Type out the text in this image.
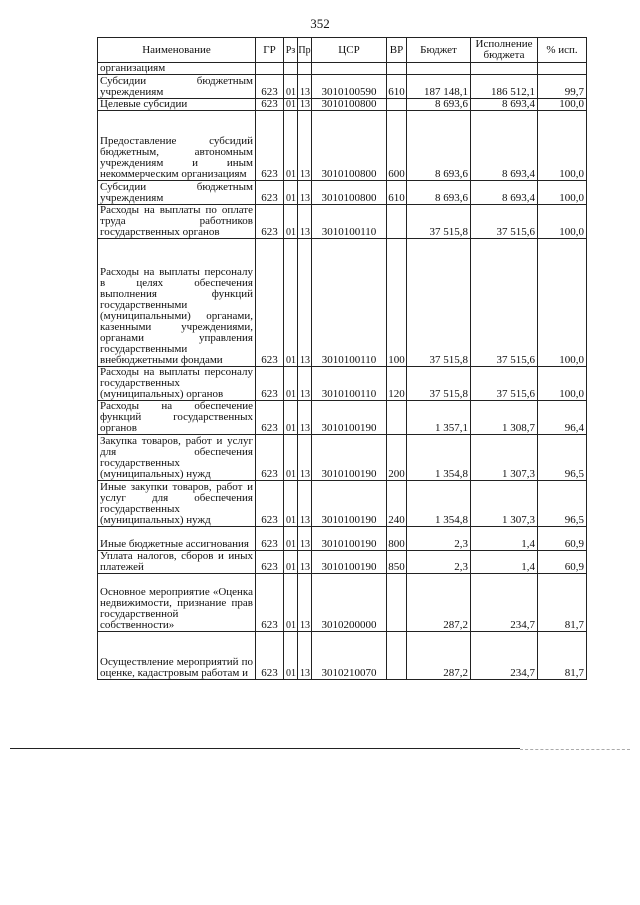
352
Наименование	ГР	Рз	Пр	ЦСР	ВР	Бюджет	Исполнение бюджета	% исп.
организациям								
Субсидии бюджетным учреждениям	623	01	13	3010100590	610	187 148,1	186 512,1	99,7
Целевые субсидии	623	01	13	3010100800		8 693,6	8 693,4	100,0
Предоставление субсидий бюджетным, автономным учреждениям и иным некоммерческим организациям	623	01	13	3010100800	600	8 693,6	8 693,4	100,0
Субсидии бюджетным учреждениям	623	01	13	3010100800	610	8 693,6	8 693,4	100,0
Расходы на выплаты по оплате труда работников государственных органов	623	01	13	3010100110		37 515,8	37 515,6	100,0
Расходы на выплаты персоналу в целях обеспечения выполнения функций государственными (муниципальными) органами, казенными учреждениями, органами управления государственными внебюджетными фондами	623	01	13	3010100110	100	37 515,8	37 515,6	100,0
Расходы на выплаты персоналу государственных (муниципальных) органов	623	01	13	3010100110	120	37 515,8	37 515,6	100,0
Расходы на обеспечение функций государственных органов	623	01	13	3010100190		1 357,1	1 308,7	96,4
Закупка товаров, работ и услуг для обеспечения государственных (муниципальных) нужд	623	01	13	3010100190	200	1 354,8	1 307,3	96,5
Иные закупки товаров, работ и услуг для обеспечения государственных (муниципальных) нужд	623	01	13	3010100190	240	1 354,8	1 307,3	96,5
Иные бюджетные ассигнования	623	01	13	3010100190	800	2,3	1,4	60,9
Уплата налогов, сборов и иных платежей	623	01	13	3010100190	850	2,3	1,4	60,9
Основное мероприятие «Оценка недвижимости, признание прав государственной собственности»	623	01	13	3010200000		287,2	234,7	81,7
Осуществление мероприятий по оценке, кадастровым работам и	623	01	13	3010210070		287,2	234,7	81,7
